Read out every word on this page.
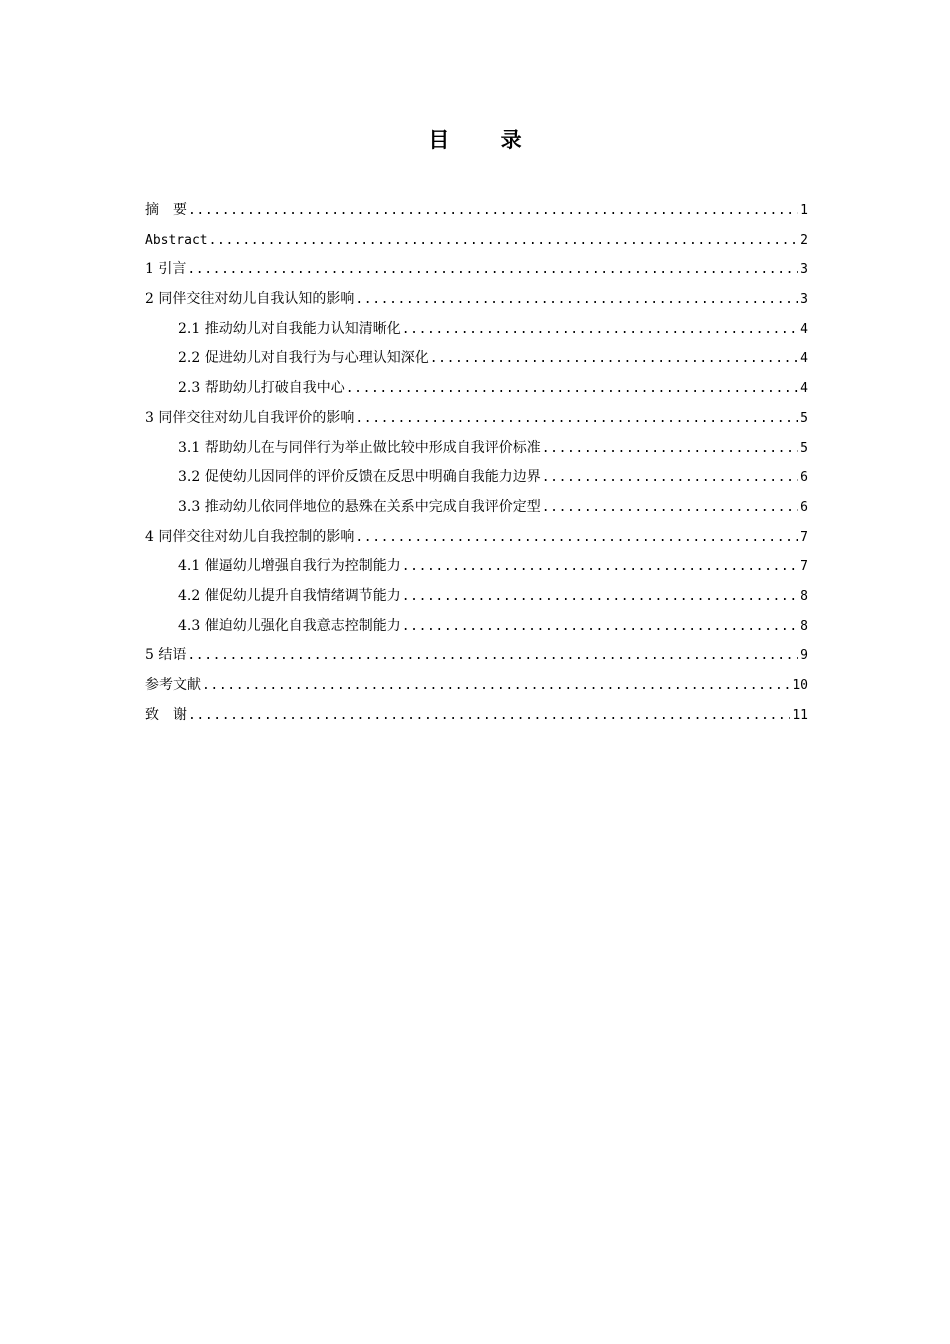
目 录
摘　要 .....	1
Abstract .....	2
1 引言 .....	3
2 同伴交往对幼儿自我认知的影响 .....	3
2.1 推动幼儿对自我能力认知清晰化 .....	4
2.2 促进幼儿对自我行为与心理认知深化 .....	4
2.3 帮助幼儿打破自我中心 .....	4
3 同伴交往对幼儿自我评价的影响 .....	5
3.1 帮助幼儿在与同伴行为举止做比较中形成自我评价标准 .....	5
3.2 促使幼儿因同伴的评价反馈在反思中明确自我能力边界 .....	6
3.3 推动幼儿依同伴地位的悬殊在关系中完成自我评价定型 .....	6
4 同伴交往对幼儿自我控制的影响 .....	7
4.1 催逼幼儿增强自我行为控制能力 .....	7
4.2 催促幼儿提升自我情绪调节能力 .....	8
4.3 催迫幼儿强化自我意志控制能力 .....	8
5 结语 .....	9
参考文献 .....	10
致　谢 .....	11
